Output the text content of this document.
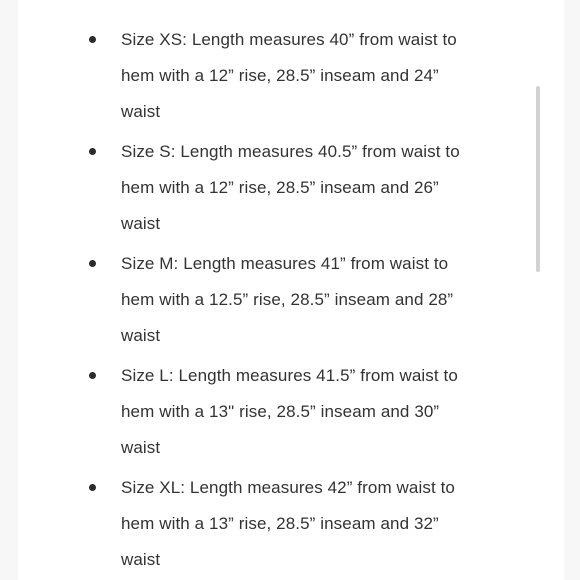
Size XS: Length measures 40” from waist to
hem with a 12” rise, 28.5” inseam and 24”
waist
Size S: Length measures 40.5” from waist to
hem with a 12” rise, 28.5” inseam and 26”
waist
Size M: Length measures 41” from waist to
hem with a 12.5” rise, 28.5” inseam and 28”
waist
Size L: Length measures 41.5” from waist to
hem with a 13" rise, 28.5” inseam and 30”
waist
Size XL: Length measures 42” from waist to
hem with a 13” rise, 28.5” inseam and 32”
waist
